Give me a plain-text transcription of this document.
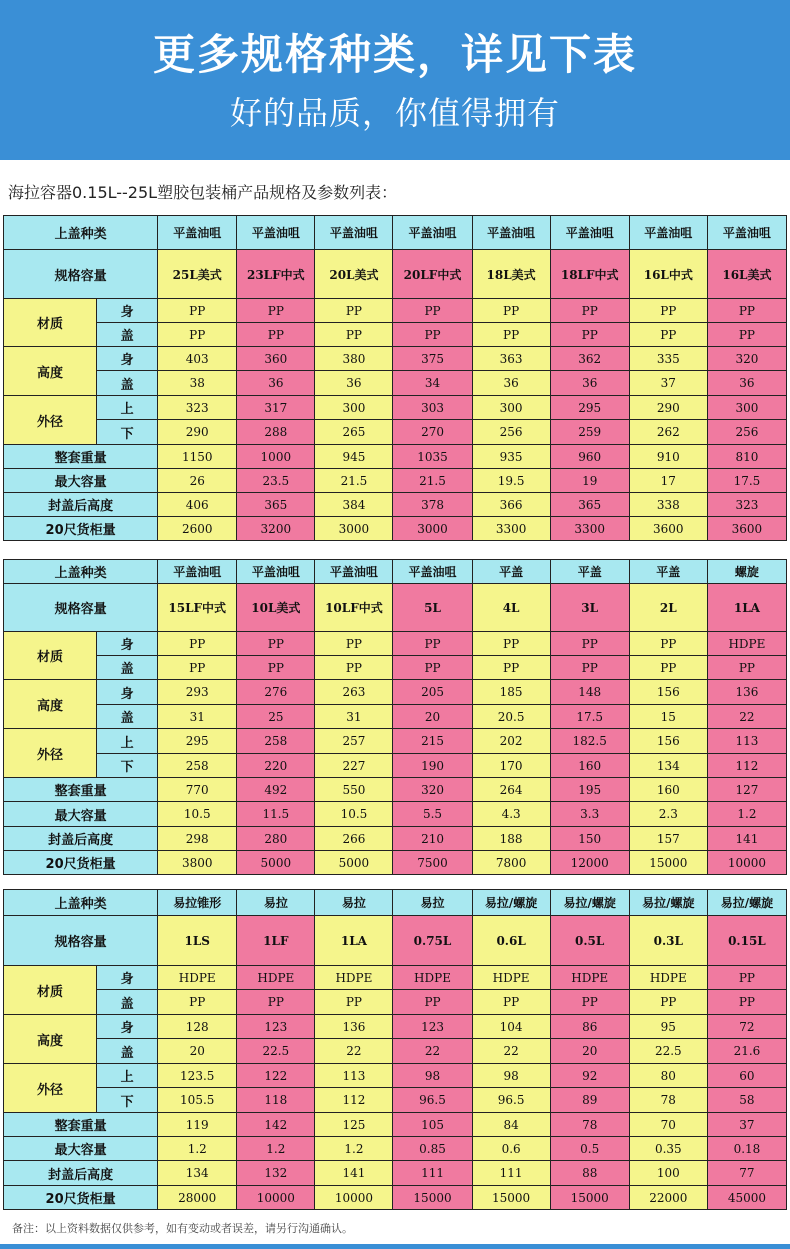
更多规格种类，详见下表
好的品质，你值得拥有
海拉容器0.15L--25L塑胶包装桶产品规格及参数列表：
上盖种类		平盖油咀	平盖油咀	平盖油咀	平盖油咀	平盖油咀	平盖油咀	平盖油咀	平盖油咀
规格容量		25L美式	23LF中式	20L美式	20LF中式	18L美式	18LF中式	16L中式	16L美式
材质	身	PP	PP	PP	PP	PP	PP	PP	PP
	盖	PP	PP	PP	PP	PP	PP	PP	PP
高度	身	403	360	380	375	363	362	335	320
	盖	38	36	36	34	36	36	37	36
外径	上	323	317	300	303	300	295	290	300
	下	290	288	265	270	256	259	262	256
整套重量		1150	1000	945	1035	935	960	910	810
最大容量		26	23.5	21.5	21.5	19.5	19	17	17.5
封盖后高度		406	365	384	378	366	365	338	323
20尺货柜量		2600	3200	3000	3000	3300	3300	3600	3600
上盖种类		平盖油咀	平盖油咀	平盖油咀	平盖油咀	平盖	平盖	平盖	螺旋
规格容量		15LF中式	10L美式	10LF中式	5L	4L	3L	2L	1LA
材质	身	PP	PP	PP	PP	PP	PP	PP	HDPE
	盖	PP	PP	PP	PP	PP	PP	PP	PP
高度	身	293	276	263	205	185	148	156	136
	盖	31	25	31	20	20.5	17.5	15	22
外径	上	295	258	257	215	202	182.5	156	113
	下	258	220	227	190	170	160	134	112
整套重量		770	492	550	320	264	195	160	127
最大容量		10.5	11.5	10.5	5.5	4.3	3.3	2.3	1.2
封盖后高度		298	280	266	210	188	150	157	141
20尺货柜量		3800	5000	5000	7500	7800	12000	15000	10000
上盖种类		易拉锥形	易拉	易拉	易拉	易拉/螺旋	易拉/螺旋	易拉/螺旋	易拉/螺旋
规格容量		1LS	1LF	1LA	0.75L	0.6L	0.5L	0.3L	0.15L
材质	身	HDPE	HDPE	HDPE	HDPE	HDPE	HDPE	HDPE	PP
	盖	PP	PP	PP	PP	PP	PP	PP	PP
高度	身	128	123	136	123	104	86	95	72
	盖	20	22.5	22	22	22	20	22.5	21.6
外径	上	123.5	122	113	98	98	92	80	60
	下	105.5	118	112	96.5	96.5	89	78	58
整套重量		119	142	125	105	84	78	70	37
最大容量		1.2	1.2	1.2	0.85	0.6	0.5	0.35	0.18
封盖后高度		134	132	141	111	111	88	100	77
20尺货柜量		28000	10000	10000	15000	15000	15000	22000	45000
备注：以上资料数据仅供参考，如有变动或者误差，请另行沟通确认。
